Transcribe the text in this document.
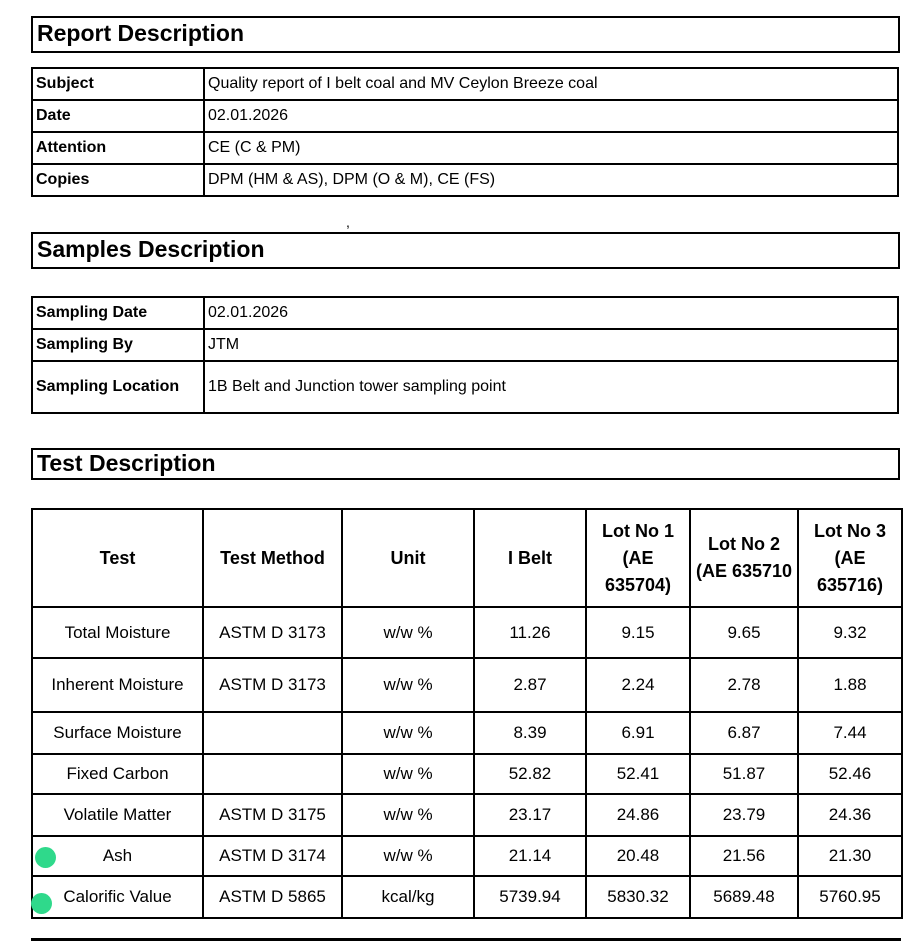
Report Description
Subject	Quality report of I belt coal and MV Ceylon Breeze coal
Date	02.01.2026
Attention	CE (C & PM)
Copies	DPM (HM & AS), DPM (O & M), CE (FS)
,
Samples Description
Sampling Date	02.01.2026
Sampling By	JTM
Sampling Location	1B Belt and Junction tower sampling point
Test Description
Test	Test Method	Unit	I Belt	Lot No 1 (AE 635704)	Lot No 2 (AE 635710	Lot No 3 (AE 635716)
Total Moisture	ASTM D 3173	w/w %	11.26	9.15	9.65	9.32
Inherent Moisture	ASTM D 3173	w/w %	2.87	2.24	2.78	1.88
Surface Moisture		w/w %	8.39	6.91	6.87	7.44
Fixed Carbon		w/w %	52.82	52.41	51.87	52.46
Volatile Matter	ASTM D 3175	w/w %	23.17	24.86	23.79	24.36
Ash	ASTM D 3174	w/w %	21.14	20.48	21.56	21.30
Calorific Value	ASTM D 5865	kcal/kg	5739.94	5830.32	5689.48	5760.95
